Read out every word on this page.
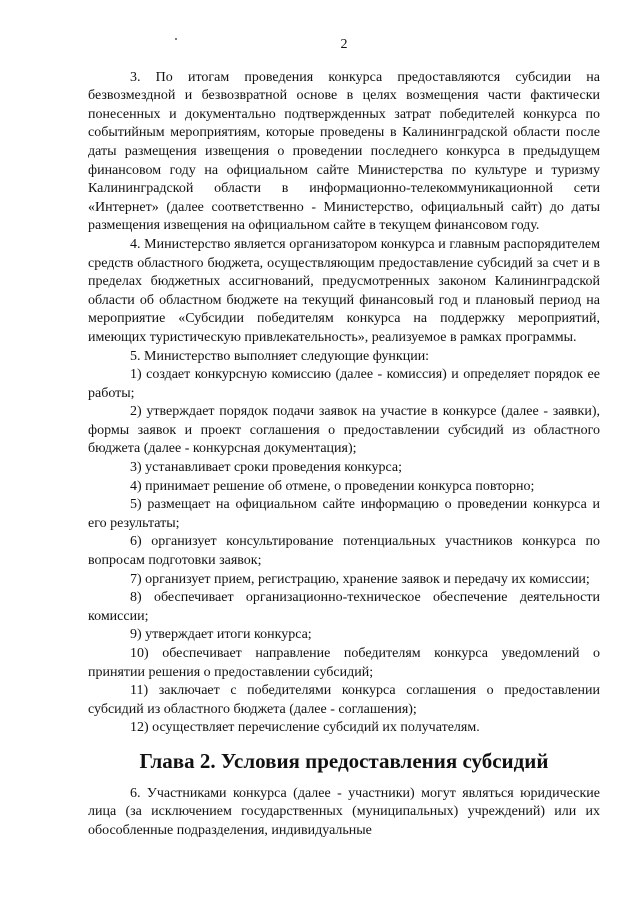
2

3. По итогам проведения конкурса предоставляются субсидии на безвозмездной и безвозвратной основе в целях возмещения части фактически понесенных и документально подтвержденных затрат победителей конкурса по событийным мероприятиям, которые проведены в Калининградской области после даты размещения извещения о проведении последнего конкурса в предыдущем финансовом году на официальном сайте Министерства по культуре и туризму Калининградской области в информационно-телекоммуникационной сети «Интернет» (далее соответственно - Министерство, официальный сайт) до даты размещения извещения на официальном сайте в текущем финансовом году.

4. Министерство является организатором конкурса и главным распорядителем средств областного бюджета, осуществляющим предоставление субсидий за счет и в пределах бюджетных ассигнований, предусмотренных законом Калининградской области об областном бюджете на текущий финансовый год и плановый период на мероприятие «Субсидии победителям конкурса на поддержку мероприятий, имеющих туристическую привлекательность», реализуемое в рамках программы.

5. Министерство выполняет следующие функции:

1) создает конкурсную комиссию (далее - комиссия) и определяет порядок ее работы;

2) утверждает порядок подачи заявок на участие в конкурсе (далее - заявки), формы заявок и проект соглашения о предоставлении субсидий из областного бюджета (далее - конкурсная документация);

3) устанавливает сроки проведения конкурса;

4) принимает решение об отмене, о проведении конкурса повторно;

5) размещает на официальном сайте информацию о проведении конкурса и его результаты;

6) организует консультирование потенциальных участников конкурса по вопросам подготовки заявок;

7) организует прием, регистрацию, хранение заявок и передачу их комиссии;

8) обеспечивает организационно-техническое обеспечение деятельности комиссии;

9) утверждает итоги конкурса;

10) обеспечивает направление победителям конкурса уведомлений о принятии решения о предоставлении субсидий;

11) заключает с победителями конкурса соглашения о предоставлении субсидий из областного бюджета (далее - соглашения);

12) осуществляет перечисление субсидий их получателям.

Глава 2. Условия предоставления субсидий

6. Участниками конкурса (далее - участники) могут являться юридические лица (за исключением государственных (муниципальных) учреждений) или их обособленные подразделения, индивидуальные
